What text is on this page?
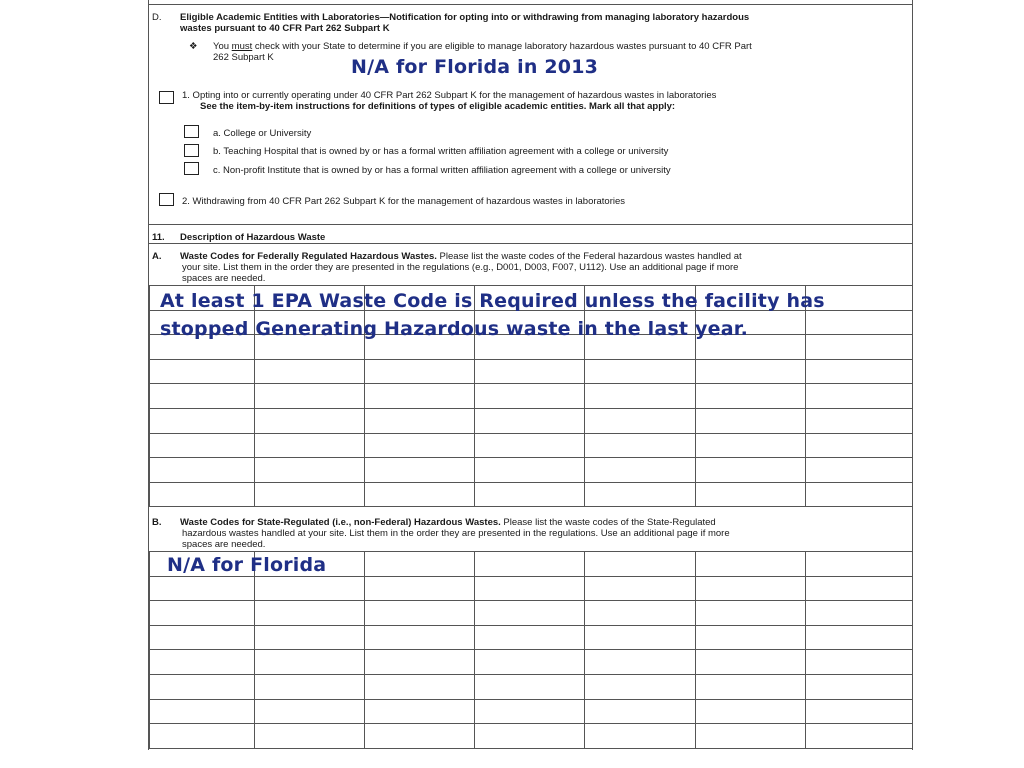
D. Eligible Academic Entities with Laboratories—Notification for opting into or withdrawing from managing laboratory hazardous
wastes pursuant to 40 CFR Part 262 Subpart K
❖ You must check with your State to determine if you are eligible to manage laboratory hazardous wastes pursuant to 40 CFR Part
262 Subpart K
1. Opting into or currently operating under 40 CFR Part 262 Subpart K for the management of hazardous wastes in laboratories
See the item-by-item instructions for definitions of types of eligible academic entities. Mark all that apply:
a. College or University
b. Teaching Hospital that is owned by or has a formal written affiliation agreement with a college or university
c. Non-profit Institute that is owned by or has a formal written affiliation agreement with a college or university
2. Withdrawing from 40 CFR Part 262 Subpart K for the management of hazardous wastes in laboratories
11. Description of Hazardous Waste
A. Waste Codes for Federally Regulated Hazardous Wastes. Please list the waste codes of the Federal hazardous wastes handled at
your site. List them in the order they are presented in the regulations (e.g., D001, D003, F007, U112). Use an additional page if more
spaces are needed.

B. Waste Codes for State-Regulated (i.e., non-Federal) Hazardous Wastes. Please list the waste codes of the State-Regulated
hazardous wastes handled at your site. List them in the order they are presented in the regulations. Use an additional page if more
spaces are needed.

N/A for Florida in 2013
At least 1 EPA Waste Code is Required unless the facility has
stopped Generating Hazardous waste in the last year.
N/A for Florida
